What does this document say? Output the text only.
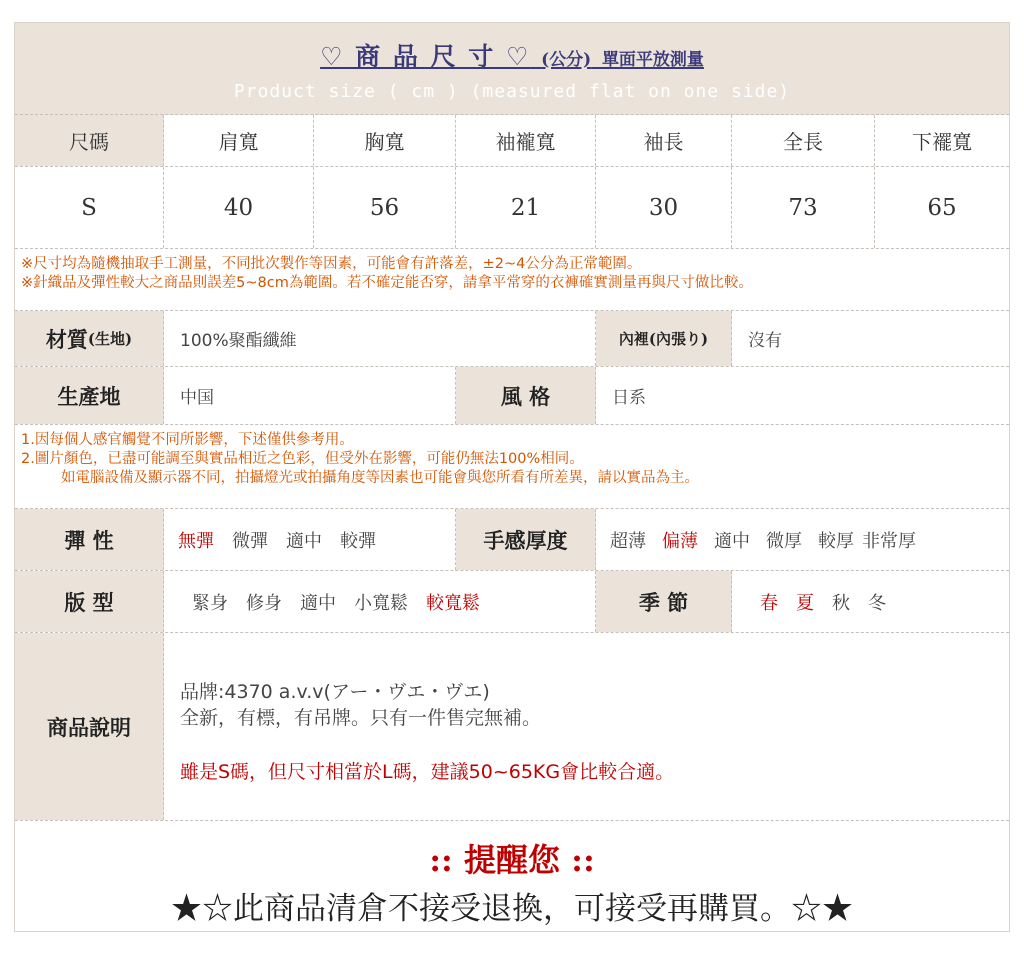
♡ 商 品 尺 寸 ♡ (公分) 單面平放測量
Product size ( cm ) (measured flat on one side)
尺碼	肩寬	胸寬	袖襱寬	袖長	全長	下襬寬
S	40	56	21	30	73	65
※尺寸均為隨機抽取手工測量，不同批次製作等因素，可能會有許落差，±2~4公分為正常範圍。
※針織品及彈性較大之商品則誤差5~8cm為範圍。若不確定能否穿，請拿平常穿的衣褲確實測量再與尺寸做比較。
材質 (生地)	100%聚酯纖維	內裡(內張り)	沒有
生產地	中国	風 格	日系
1.因每個人感官觸覺不同所影響，下述僅供參考用。
2.圖片顏色，已盡可能調至與實品相近之色彩，但受外在影響，可能仍無法100%相同。
如電腦設備及顯示器不同，拍攝燈光或拍攝角度等因素也可能會與您所看有所差異，請以實品為主。
彈 性	無彈 微彈 適中 較彈	手感厚度	超薄 偏薄 適中 微厚 較厚 非常厚
版 型	緊身 修身 適中 小寬鬆 較寬鬆	季 節	春 夏 秋 冬
商品說明
品牌:4370 a.v.v(アー・ヴエ・ヴエ)
全新，有標，有吊牌。只有一件售完無補。
雖是S碼，但尺寸相當於L碼，建議50~65KG會比較合適。
:: 提醒您 ::
★☆此商品清倉不接受退換，可接受再購買。☆★
